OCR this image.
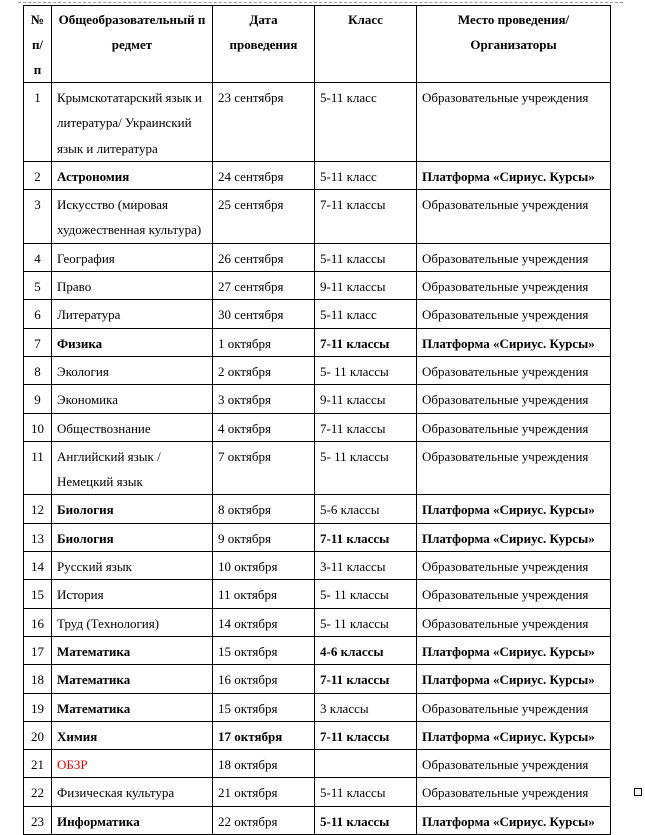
№ п/п	Общеобразовательный предмет	Дата проведения	Класс	Место проведения/Организаторы
1	Крымскотатарский язык и литература/ Украинский язык и литература	23 сентября	5-11 класс	Образовательные учреждения
2	Астрономия	24 сентября	5-11 класс	Платформа «Сириус. Курсы»
3	Искусство (мировая художественная культура)	25 сентября	7-11 классы	Образовательные учреждения
4	География	26 сентября	5-11 классы	Образовательные учреждения
5	Право	27 сентября	9-11 классы	Образовательные учреждения
6	Литература	30 сентября	5-11 класс	Образовательные учреждения
7	Физика	1 октября	7-11 классы	Платформа «Сириус. Курсы»
8	Экология	2 октября	5- 11 классы	Образовательные учреждения
9	Экономика	3 октября	9-11 классы	Образовательные учреждения
10	Обществознание	4 октября	7-11 классы	Образовательные учреждения
11	Английский язык /Немецкий язык	7 октября	5- 11 классы	Образовательные учреждения
12	Биология	8 октября	5-6 классы	Платформа «Сириус. Курсы»
13	Биология	9 октября	7-11 классы	Платформа «Сириус. Курсы»
14	Русский язык	10 октября	3-11 классы	Образовательные учреждения
15	История	11 октября	5- 11 классы	Образовательные учреждения
16	Труд (Технология)	14 октября	5- 11 классы	Образовательные учреждения
17	Математика	15 октября	4-6 классы	Платформа «Сириус. Курсы»
18	Математика	16 октября	7-11 классы	Платформа «Сириус. Курсы»
19	Математика	15 октября	3 классы	Образовательные учреждения
20	Химия	17 октября	7-11 классы	Платформа «Сириус. Курсы»
21	ОБЗР	18 октября		Образовательные учреждения
22	Физическая культура	21 октября	5-11 классы	Образовательные учреждения
23	Информатика	22 октября	5-11 классы	Платформа «Сириус. Курсы»
